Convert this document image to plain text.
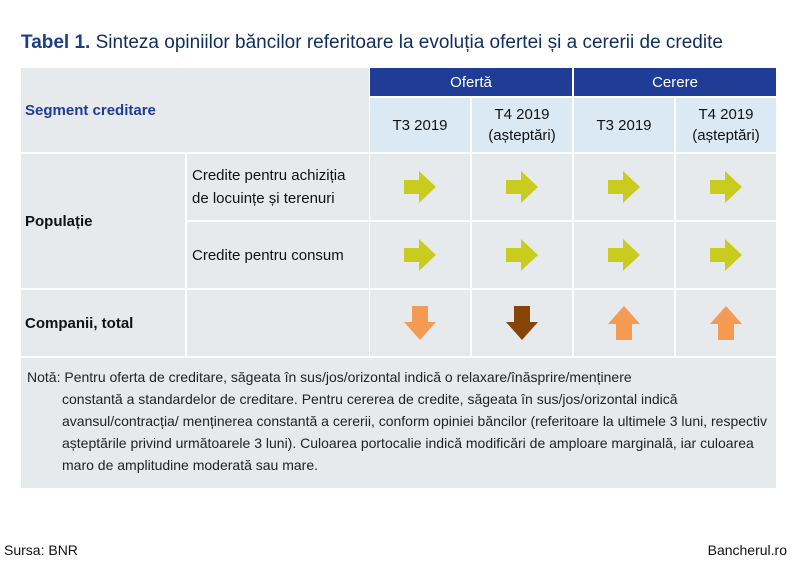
Tabel 1. Sinteza opiniilor băncilor referitoare la evoluția ofertei și a cererii de credite
Segment creditare
Ofertă	Cerere
T3 2019
T4 2019
(așteptări)
T3 2019
T4 2019
(așteptări)
Populație
Credite pentru achiziția
de locuințe și terenuri
Credite pentru consum
Companii, total
Notă: Pentru oferta de creditare, săgeata în sus/jos/orizontal indică o relaxare/înăsprire/menținere
constantă a standardelor de creditare. Pentru cererea de credite, săgeata în sus/jos/orizontal indică avansul/contracția/ menținerea constantă a cererii, conform opiniei băncilor (referitoare la ultimele 3 luni, respectiv așteptările privind următoarele 3 luni). Culoarea portocalie indică modificări de amploare marginală, iar culoarea maro de amplitudine moderată sau mare.
Sursa: BNR	Bancherul.ro
